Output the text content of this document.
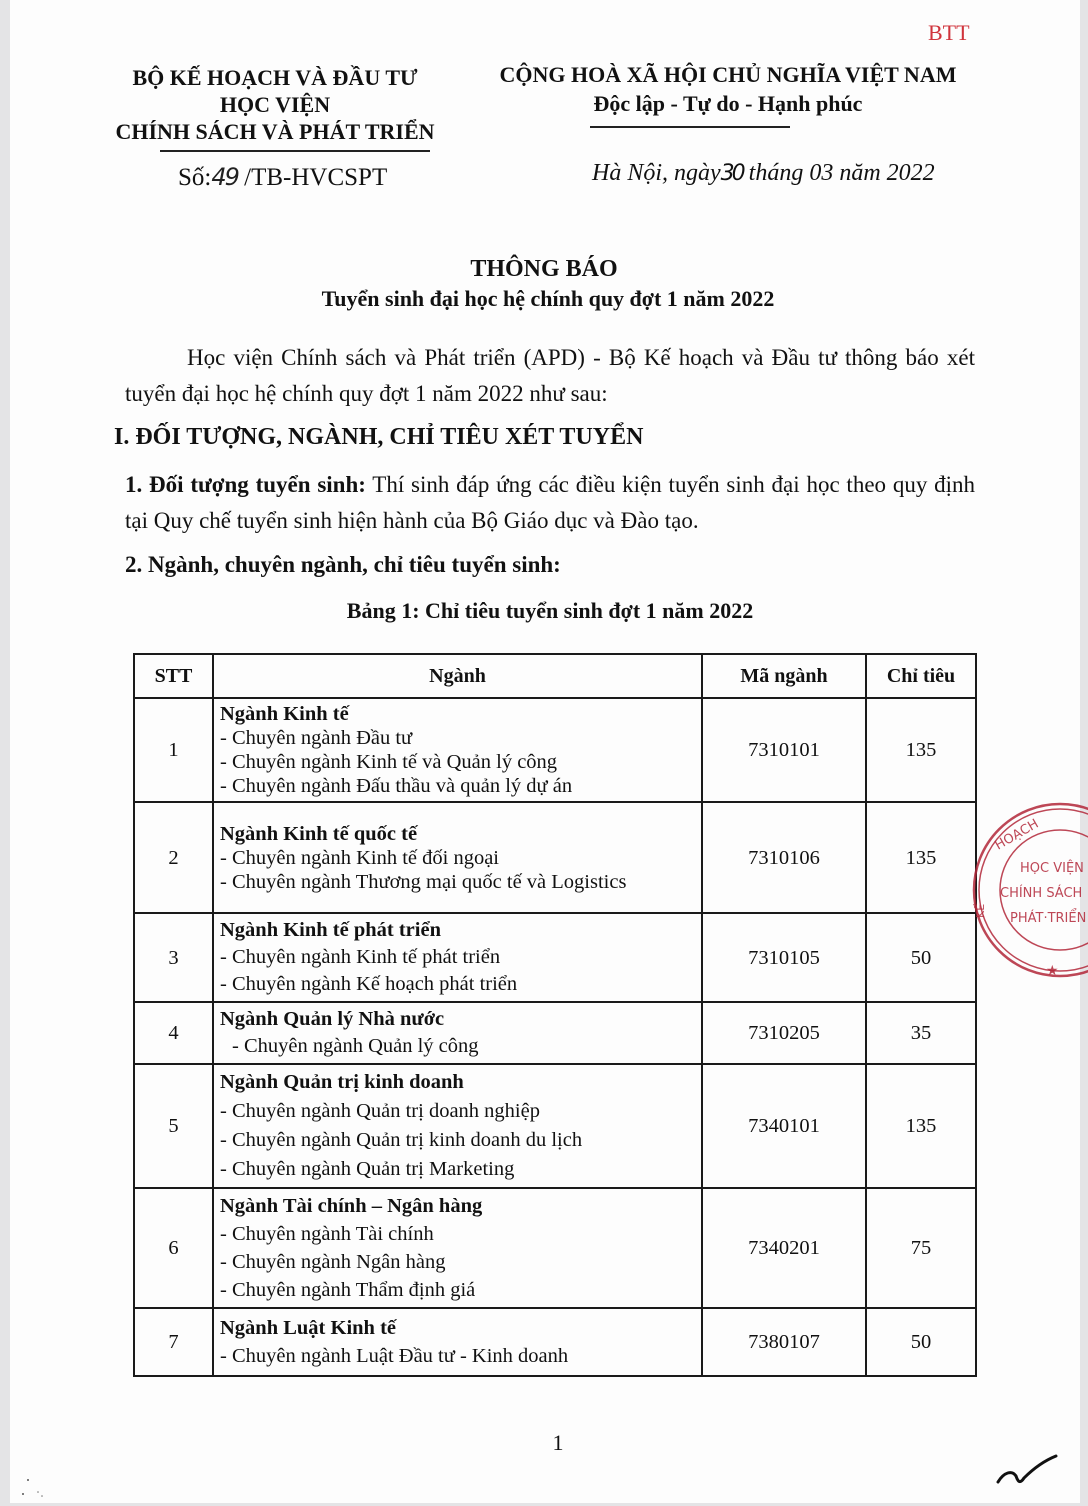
BTT
BỘ KẾ HOẠCH VÀ ĐẦU TƯ
HỌC VIỆN
CHÍNH SÁCH VÀ PHÁT TRIỂN
Số:49 /TB-HVCSPT
CỘNG HOÀ XÃ HỘI CHỦ NGHĨA VIỆT NAM
Độc lập - Tự do - Hạnh phúc
Hà Nội, ngày30 tháng 03 năm 2022
THÔNG BÁO
Tuyển sinh đại học hệ chính quy đợt 1 năm 2022
Học viện Chính sách và Phát triển (APD) - Bộ Kế hoạch và Đầu tư thông báo xét tuyển đại học hệ chính quy đợt 1 năm 2022 như sau:
I. ĐỐI TƯỢNG, NGÀNH, CHỈ TIÊU XÉT TUYỂN
1. Đối tượng tuyển sinh: Thí sinh đáp ứng các điều kiện tuyển sinh đại học theo quy định tại Quy chế tuyển sinh hiện hành của Bộ Giáo dục và Đào tạo.
2. Ngành, chuyên ngành, chỉ tiêu tuyển sinh:
Bảng 1: Chỉ tiêu tuyển sinh đợt 1 năm 2022
STT	Ngành	Mã ngành	Chỉ tiêu
1	Ngành Kinh tế
- Chuyên ngành Đầu tư
- Chuyên ngành Kinh tế và Quản lý công
- Chuyên ngành Đấu thầu và quản lý dự án	7310101	135
2	Ngành Kinh tế quốc tế
- Chuyên ngành Kinh tế đối ngoại
- Chuyên ngành Thương mại quốc tế và Logistics	7310106	135
3	Ngành Kinh tế phát triển
- Chuyên ngành Kinh tế phát triển
- Chuyên ngành Kế hoạch phát triển	7310105	50
4	Ngành Quản lý Nhà nước
- Chuyên ngành Quản lý công	7310205	35
5	Ngành Quản trị kinh doanh
- Chuyên ngành Quản trị doanh nghiệp
- Chuyên ngành Quản trị kinh doanh du lịch
- Chuyên ngành Quản trị Marketing	7340101	135
6	Ngành Tài chính – Ngân hàng
- Chuyên ngành Tài chính
- Chuyên ngành Ngân hàng
- Chuyên ngành Thẩm định giá	7340201	75
7	Ngành Luật Kinh tế
- Chuyên ngành Luật Đầu tư - Kinh doanh	7380107	50
HOẠCH
KẾ
HỌC VIỆN
CHÍNH SÁCH
PHÁT·TRIỂN
★
1
